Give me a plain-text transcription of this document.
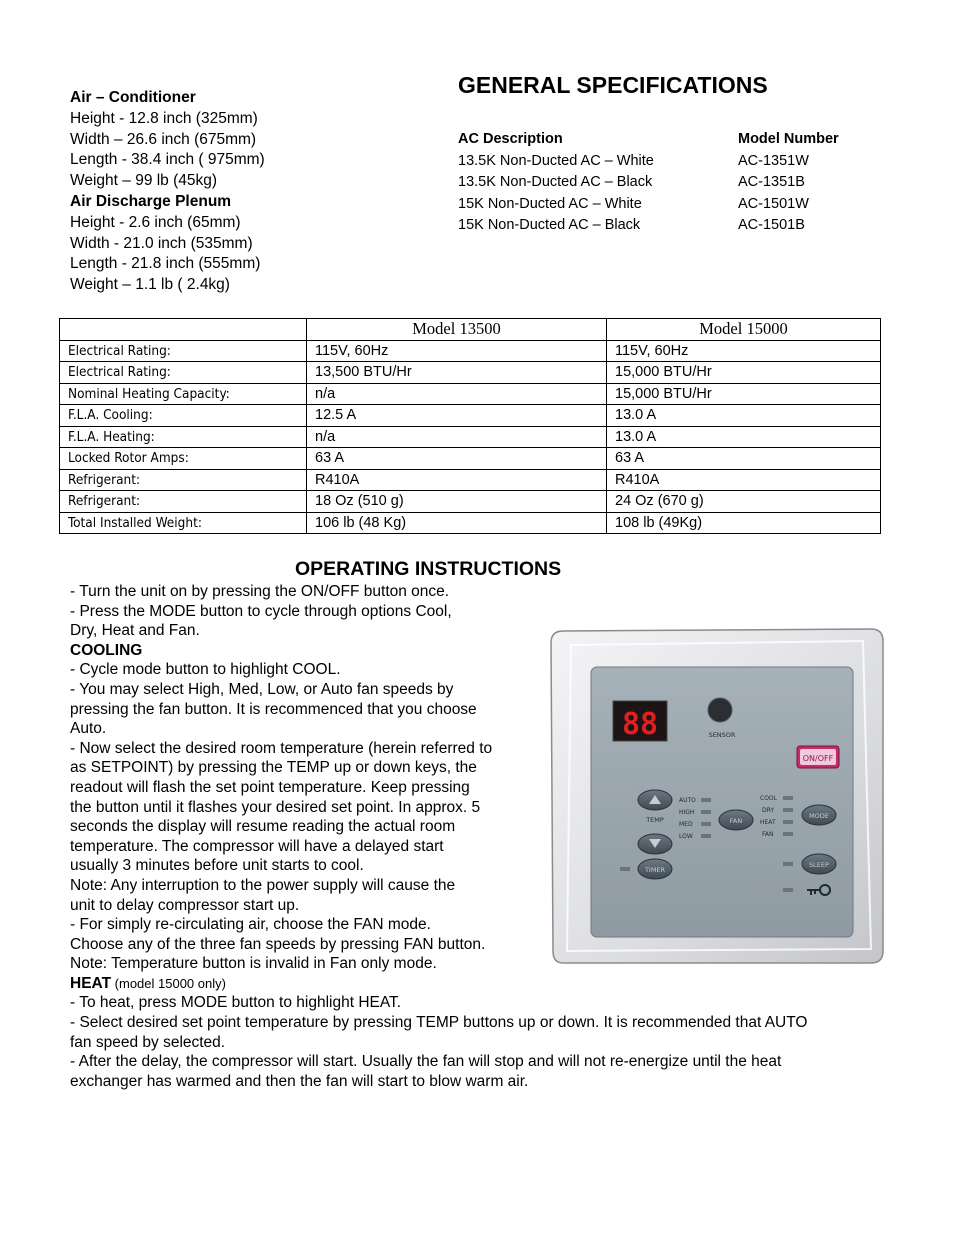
Air – Conditioner
Height - 12.8 inch (325mm)
Width – 26.6 inch (675mm)
Length - 38.4 inch ( 975mm)
Weight – 99 lb (45kg)
Air Discharge Plenum
Height - 2.6 inch (65mm)
Width - 21.0 inch (535mm)
Length - 21.8 inch (555mm)
Weight – 1.1 lb ( 2.4kg)
GENERAL SPECIFICATIONS
AC Description	Model Number
13.5K Non-Ducted AC – White	AC-1351W
13.5K Non-Ducted AC – Black	AC-1351B
15K Non-Ducted AC – White	AC-1501W
15K Non-Ducted AC – Black	AC-1501B
	Model 13500	Model 15000
Electrical Rating:	115V, 60Hz	115V, 60Hz
Electrical Rating:	13,500 BTU/Hr	15,000 BTU/Hr
Nominal Heating Capacity:	n/a	15,000 BTU/Hr
F.L.A. Cooling:	12.5 A	13.0 A
F.L.A. Heating:	n/a	13.0 A
Locked Rotor Amps:	63 A	63 A
Refrigerant:	R410A	R410A
Refrigerant:	18 Oz (510 g)	24 Oz (670 g)
Total Installed Weight:	106 lb (48 Kg)	108 lb (49Kg)
OPERATING INSTRUCTIONS
- Turn the unit on by pressing the ON/OFF button once.
- Press the MODE button to cycle through options Cool,
Dry, Heat and Fan.
COOLING
- Cycle mode button to highlight COOL.
- You may select High, Med, Low, or Auto fan speeds by
pressing the fan button. It is recommenced that you choose
Auto.
- Now select the desired room temperature (herein referred to
as SETPOINT) by pressing the TEMP up or down keys, the
readout will flash the set point temperature. Keep pressing
the button until it flashes your desired set point. In approx. 5
seconds the display will resume reading the actual room
temperature. The compressor will have a delayed start
usually 3 minutes before unit starts to cool.
Note: Any interruption to the power supply will cause the
unit to delay compressor start up.
- For simply re-circulating air, choose the FAN mode.
Choose any of the three fan speeds by pressing FAN button.
Note: Temperature button is invalid in Fan only mode.
HEAT (model 15000 only)
- To heat, press MODE button to highlight HEAT.
- Select desired set point temperature by pressing TEMP buttons up or down. It is recommended that AUTO
fan speed by selected.
- After the delay, the compressor will start. Usually the fan will stop and will not re-energize until the heat
exchanger has warmed and then the fan will start to blow warm air.
88	SENSOR
ON/OFF
TEMP
AUTO
HIGH
MED
LOW
FAN
COOL
DRY
HEAT
FAN
MODE
TIMER
SLEEP
